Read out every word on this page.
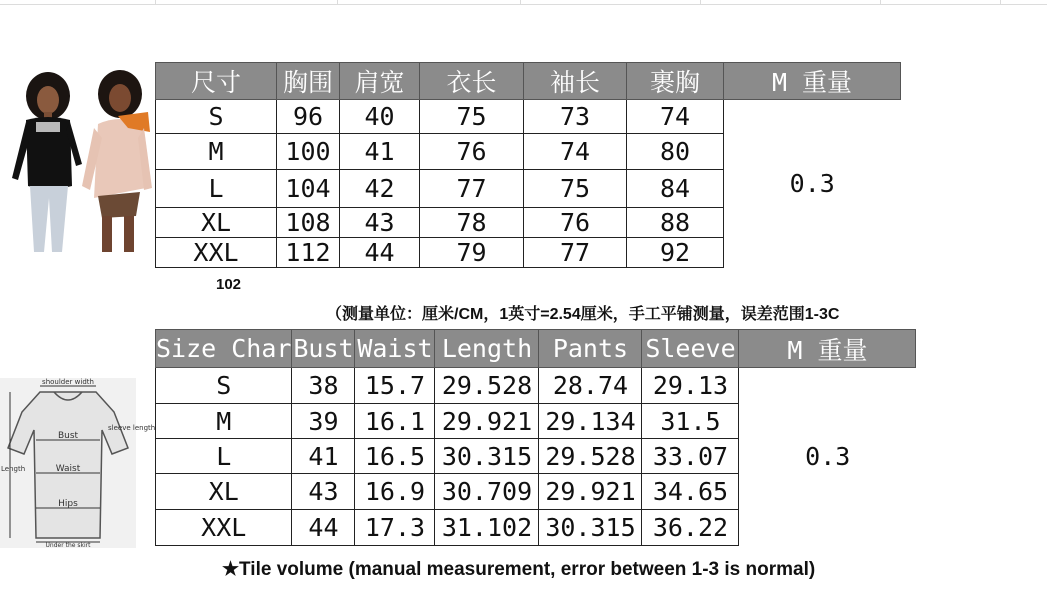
尺寸	胸围	肩宽	衣长	袖长	裹胸	M 重量
S	96	40	75	73	74	0.3
M	100	41	76	74	80	
L	104	42	77	75	84	
XL	108	43	78	76	88	
XXL	112	44	79	77	92	
102
（测量单位：厘米/CM，1英寸=2.54厘米，手工平铺测量，误差范围1-3C
shoulder width
Bust
Waist
Hips
Under the skirt
Length
sleeve length
Size Char	Bust	Waist	Length	Pants	Sleeve	M 重量
S	38	15.7	29.528	28.74	29.13	0.3
M	39	16.1	29.921	29.134	31.5	
L	41	16.5	30.315	29.528	33.07	
XL	43	16.9	30.709	29.921	34.65	
XXL	44	17.3	31.102	30.315	36.22	
★Tile volume (manual measurement, error between 1-3 is normal)
